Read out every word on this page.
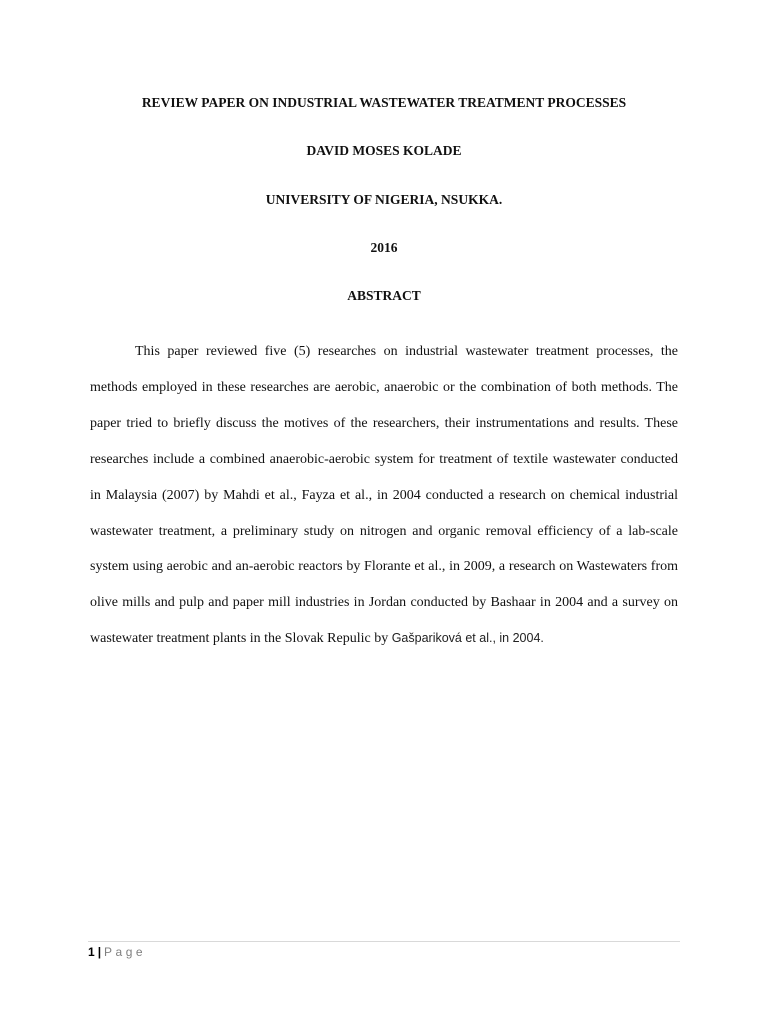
REVIEW PAPER ON INDUSTRIAL WASTEWATER TREATMENT PROCESSES
DAVID MOSES KOLADE
UNIVERSITY OF NIGERIA, NSUKKA.
2016
ABSTRACT

This paper reviewed five (5) researches on industrial wastewater treatment processes, the methods employed in these researches are aerobic, anaerobic or the combination of both methods. The paper tried to briefly discuss the motives of the researchers, their instrumentations and results. These researches include a combined anaerobic-aerobic system for treatment of textile wastewater conducted in Malaysia (2007) by Mahdi et al., Fayza et al., in 2004 conducted a research on chemical industrial wastewater treatment, a preliminary study on nitrogen and organic removal efficiency of a lab-scale system using aerobic and an-aerobic reactors by Florante et al., in 2009, a research on Wastewaters from olive mills and pulp and paper mill industries in Jordan conducted by Bashaar in 2004 and a survey on wastewater treatment plants in the Slovak Repulic by Gašpariková et al., in 2004.

1 | Page
